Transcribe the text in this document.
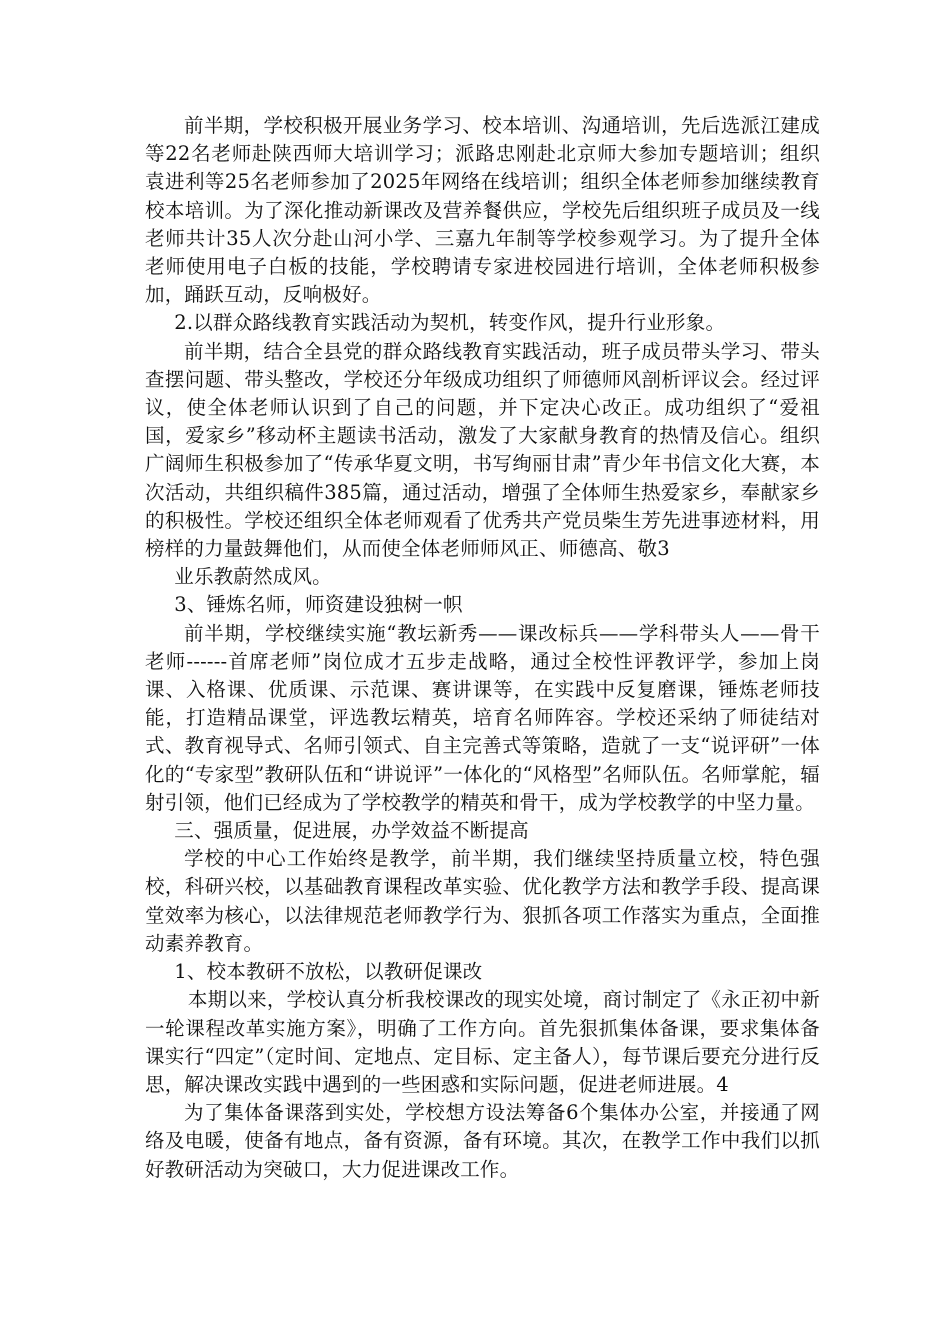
前半期，学校积极开展业务学习、校本培训、沟通培训，先后选派江建成等22名老师赴陕西师大培训学习；派路忠刚赴北京师大参加专题培训；组织袁进利等25名老师参加了2025年网络在线培训；组织全体老师参加继续教育校本培训。为了深化推动新课改及营养餐供应，学校先后组织班子成员及一线老师共计35人次分赴山河小学、三嘉九年制等学校参观学习。为了提升全体老师使用电子白板的技能，学校聘请专家进校园进行培训，全体老师积极参加，踊跃互动，反响极好。

2.以群众路线教育实践活动为契机，转变作风，提升行业形象。

前半期，结合全县党的群众路线教育实践活动，班子成员带头学习、带头查摆问题、带头整改，学校还分年级成功组织了师德师风剖析评议会。经过评议，使全体老师认识到了自己的问题，并下定决心改正。成功组织了“爱祖国，爱家乡”移动杯主题读书活动，激发了大家献身教育的热情及信心。组织广阔师生积极参加了“传承华夏文明，书写绚丽甘肃”青少年书信文化大赛，本次活动，共组织稿件385篇，通过活动，增强了全体师生热爱家乡，奉献家乡的积极性。学校还组织全体老师观看了优秀共产党员柴生芳先进事迹材料，用榜样的力量鼓舞他们，从而使全体老师师风正、师德高、敬3

业乐教蔚然成风。

3、锤炼名师，师资建设独树一帜

前半期，学校继续实施“教坛新秀——课改标兵——学科带头人——骨干老师------首席老师”岗位成才五步走战略，通过全校性评教评学，参加上岗课、入格课、优质课、示范课、赛讲课等，在实践中反复磨课，锤炼老师技能，打造精品课堂，评选教坛精英，培育名师阵容。学校还采纳了师徒结对式、教育视导式、名师引领式、自主完善式等策略，造就了一支“说评研”一体化的“专家型”教研队伍和“讲说评”一体化的“风格型”名师队伍。名师掌舵，辐射引领，他们已经成为了学校教学的精英和骨干，成为学校教学的中坚力量。

三、强质量，促进展，办学效益不断提高

学校的中心工作始终是教学，前半期，我们继续坚持质量立校，特色强校，科研兴校，以基础教育课程改革实验、优化教学方法和教学手段、提高课堂效率为核心，以法律规范老师教学行为、狠抓各项工作落实为重点，全面推动素养教育。

1、校本教研不放松，以教研促课改

本期以来，学校认真分析我校课改的现实处境，商讨制定了《永正初中新一轮课程改革实施方案》，明确了工作方向。首先狠抓集体备课，要求集体备课实行“四定”（定时间、定地点、定目标、定主备人），每节课后要充分进行反思，解决课改实践中遇到的一些困惑和实际问题，促进老师进展。4

为了集体备课落到实处，学校想方设法筹备6个集体办公室，并接通了网络及电暖，使备有地点，备有资源，备有环境。其次，在教学工作中我们以抓好教研活动为突破口，大力促进课改工作。
